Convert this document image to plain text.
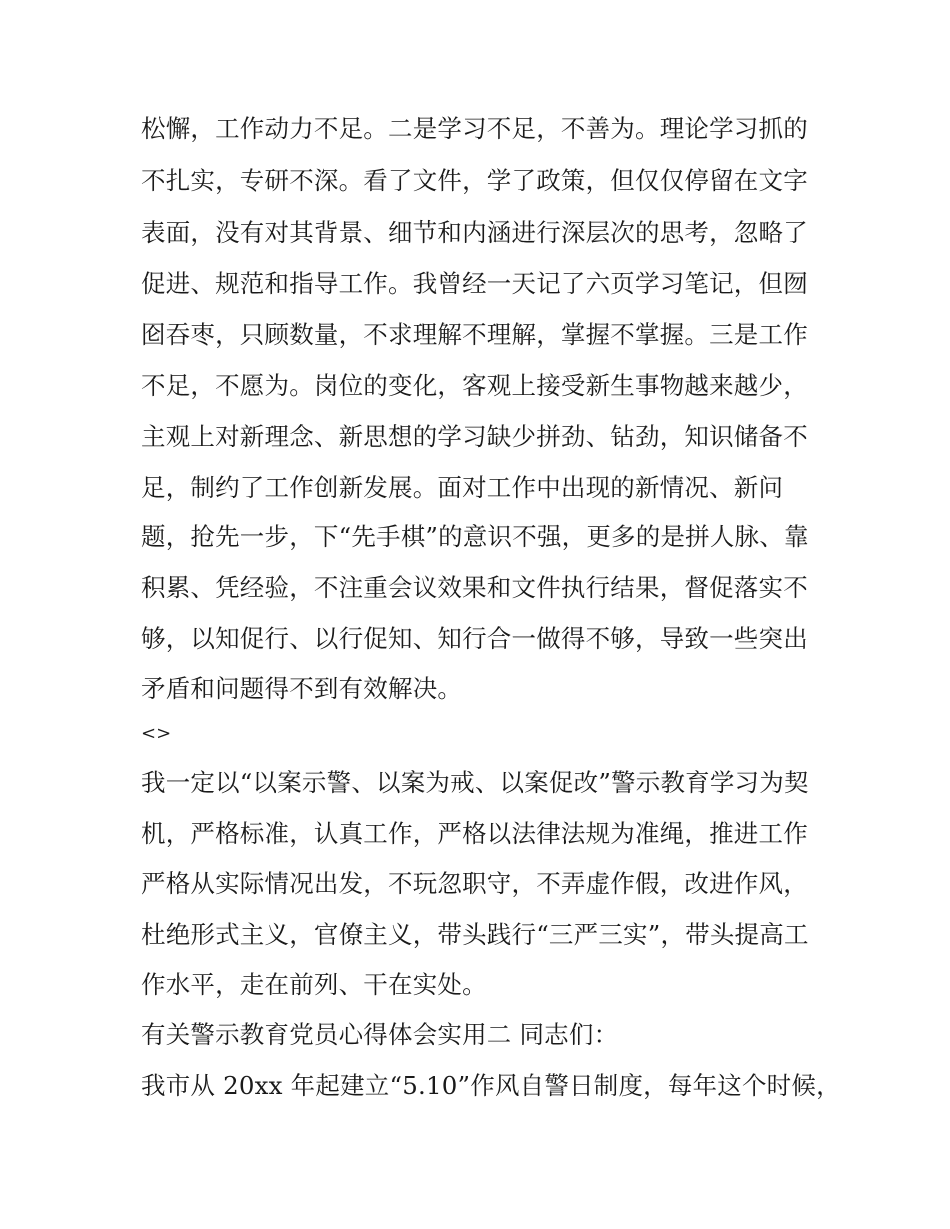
松懈，工作动力不足。二是学习不足，不善为。理论学习抓的
不扎实，专研不深。看了文件，学了政策，但仅仅停留在文字
表面，没有对其背景、细节和内涵进行深层次的思考，忽略了
促进、规范和指导工作。我曾经一天记了六页学习笔记，但囫
囵吞枣，只顾数量，不求理解不理解，掌握不掌握。三是工作
不足，不愿为。岗位的变化，客观上接受新生事物越来越少，
主观上对新理念、新思想的学习缺少拼劲、钻劲，知识储备不
足，制约了工作创新发展。面对工作中出现的新情况、新问
题，抢先一步，下“先手棋”的意识不强，更多的是拼人脉、靠
积累、凭经验，不注重会议效果和文件执行结果，督促落实不
够，以知促行、以行促知、知行合一做得不够，导致一些突出
矛盾和问题得不到有效解决。
<>
我一定以“以案示警、以案为戒、以案促改”警示教育学习为契
机，严格标准，认真工作，严格以法律法规为准绳，推进工作
严格从实际情况出发，不玩忽职守，不弄虚作假，改进作风，
杜绝形式主义，官僚主义，带头践行“三严三实”，带头提高工
作水平，走在前列、干在实处。
有关警示教育党员心得体会实用二 同志们：
我市从 20xx 年起建立“5.10”作风自警日制度，每年这个时候，
